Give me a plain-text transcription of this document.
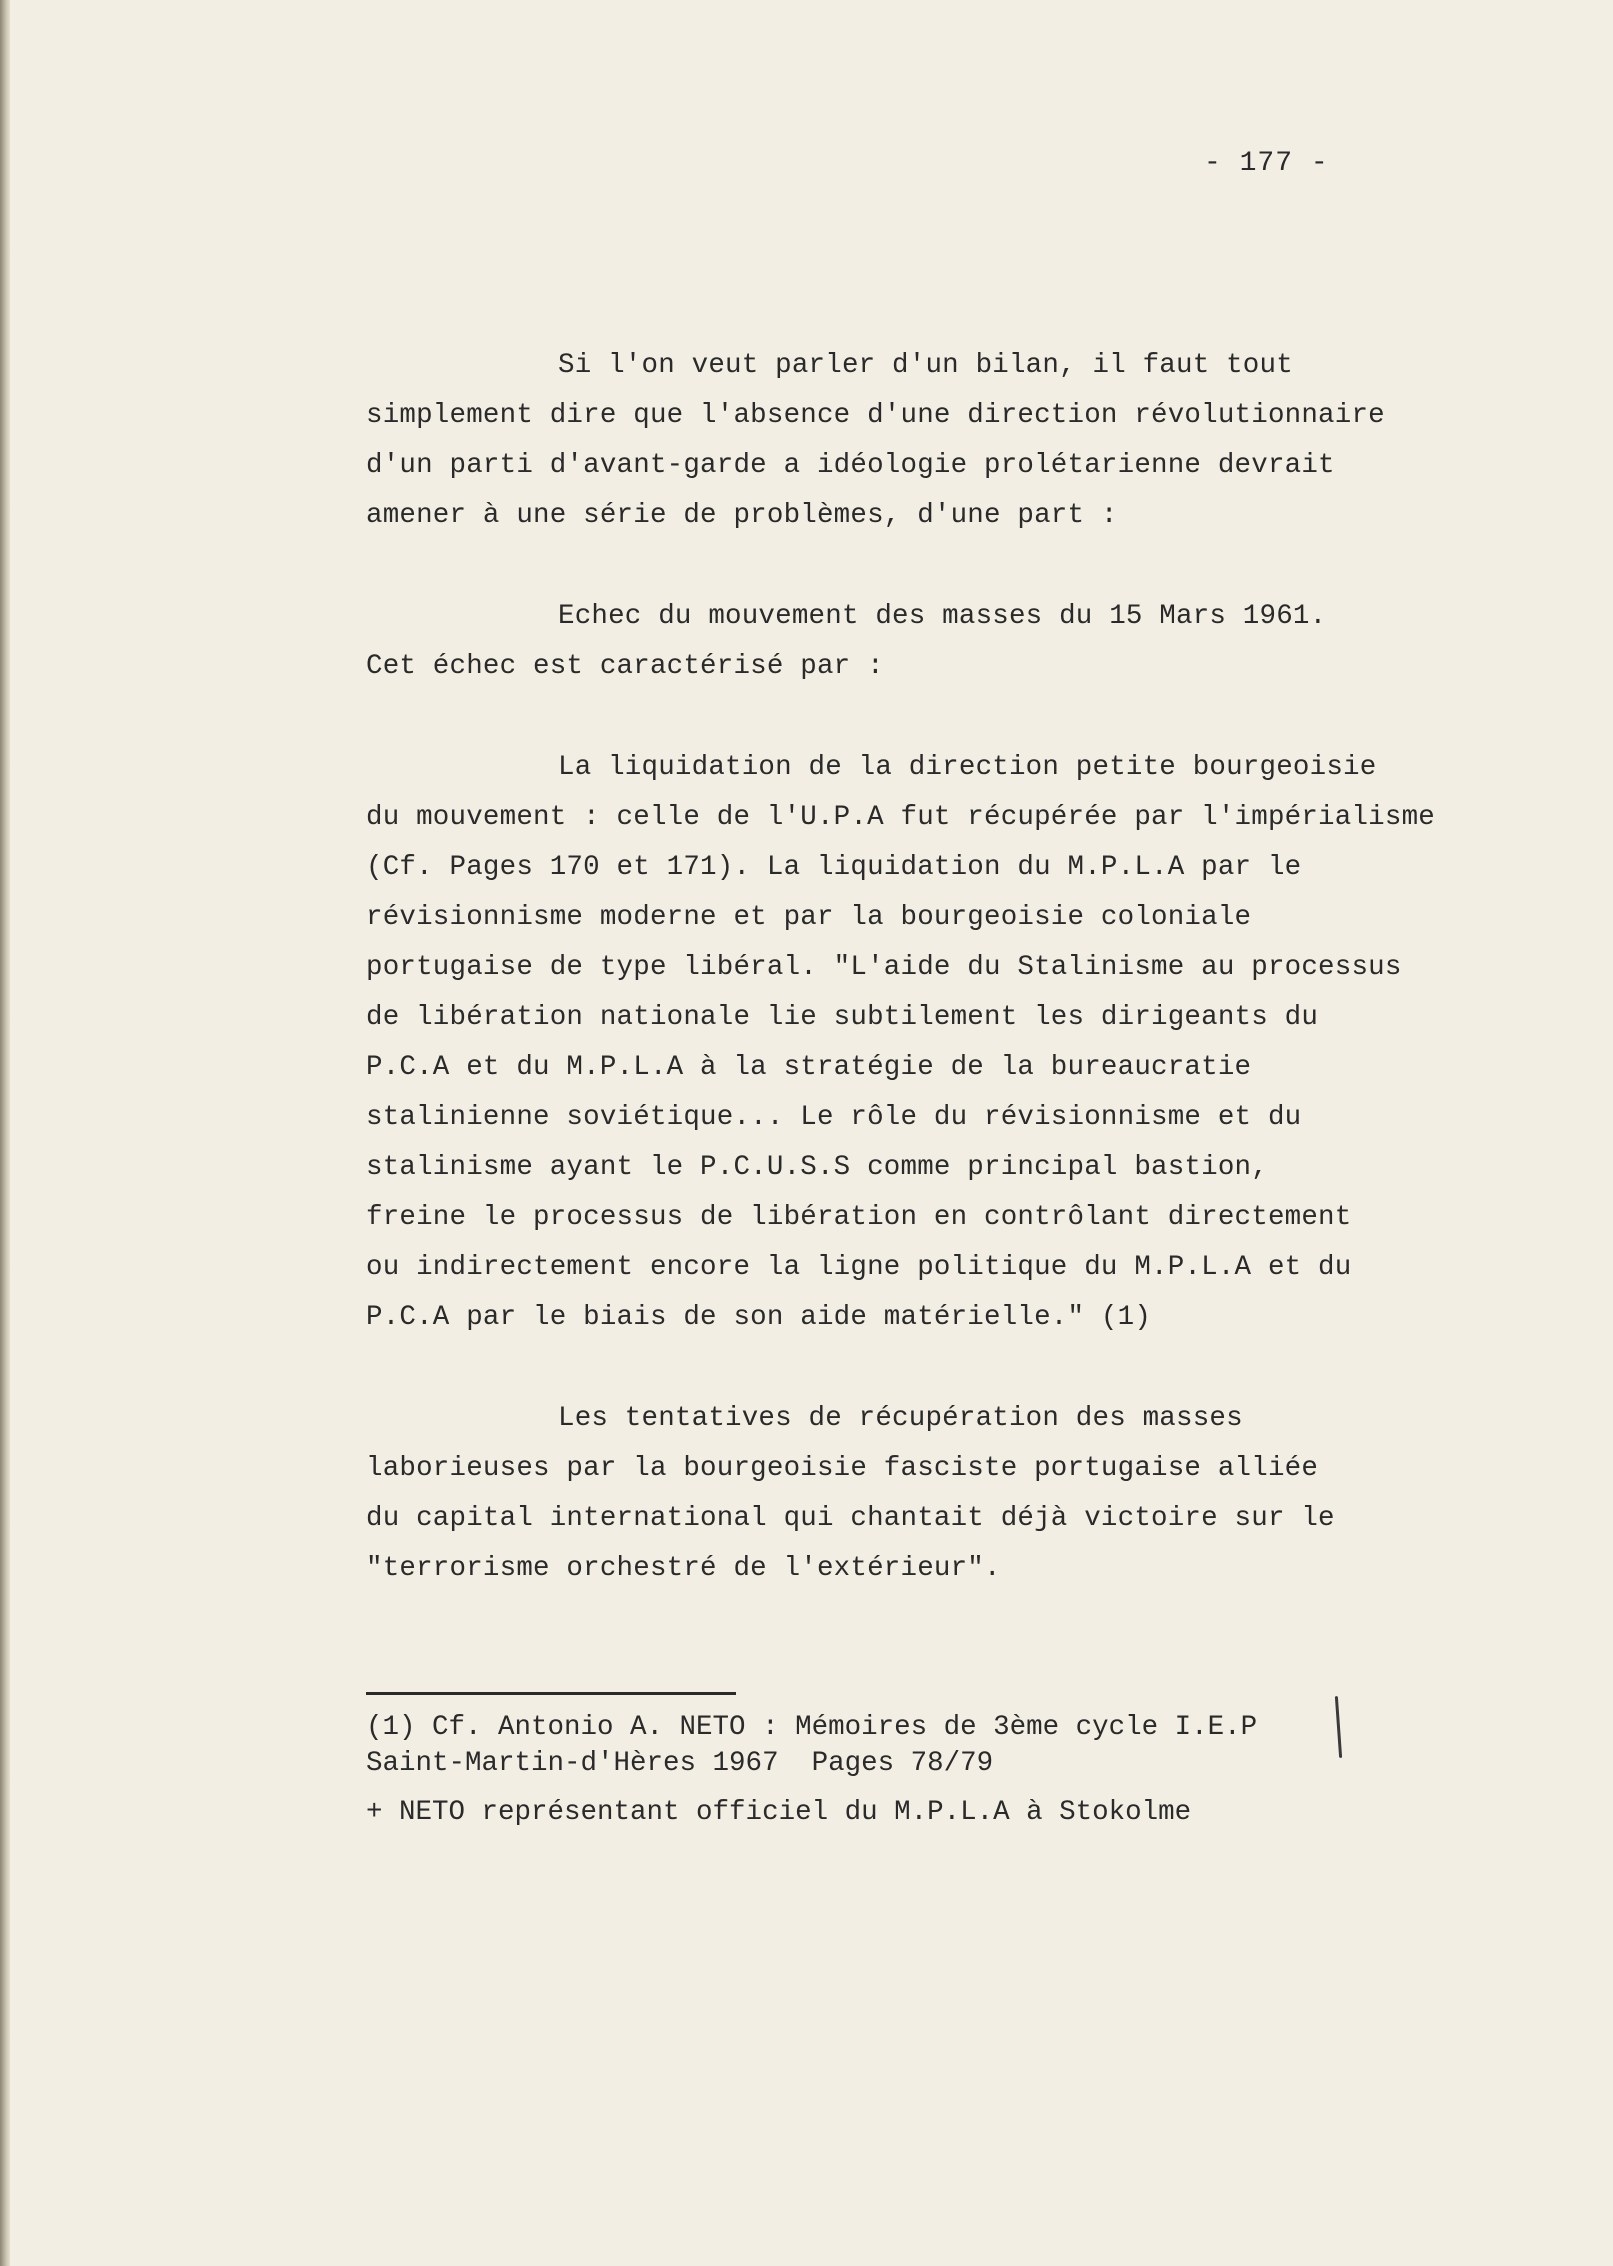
- 177 -
Si l'on veut parler d'un bilan, il faut tout
simplement dire que l'absence d'une direction révolutionnaire
d'un parti d'avant-garde a idéologie prolétarienne devrait
amener à une série de problèmes, d'une part :
Echec du mouvement des masses du 15 Mars 1961.
Cet échec est caractérisé par :
La liquidation de la direction petite bourgeoisie
du mouvement : celle de l'U.P.A fut récupérée par l'impérialisme
(Cf. Pages 170 et 171). La liquidation du M.P.L.A par le
révisionnisme moderne et par la bourgeoisie coloniale
portugaise de type libéral. "L'aide du Stalinisme au processus
de libération nationale lie subtilement les dirigeants du
P.C.A et du M.P.L.A à la stratégie de la bureaucratie
stalinienne soviétique... Le rôle du révisionnisme et du
stalinisme ayant le P.C.U.S.S comme principal bastion,
freine le processus de libération en contrôlant directement
ou indirectement encore la ligne politique du M.P.L.A et du
P.C.A par le biais de son aide matérielle." (1)
Les tentatives de récupération des masses
laborieuses par la bourgeoisie fasciste portugaise alliée
du capital international qui chantait déjà victoire sur le
"terrorisme orchestré de l'extérieur".
(1) Cf. Antonio A. NETO : Mémoires de 3ème cycle I.E.P
Saint-Martin-d'Hères 1967  Pages 78/79
+ NETO représentant officiel du M.P.L.A à Stokolme
